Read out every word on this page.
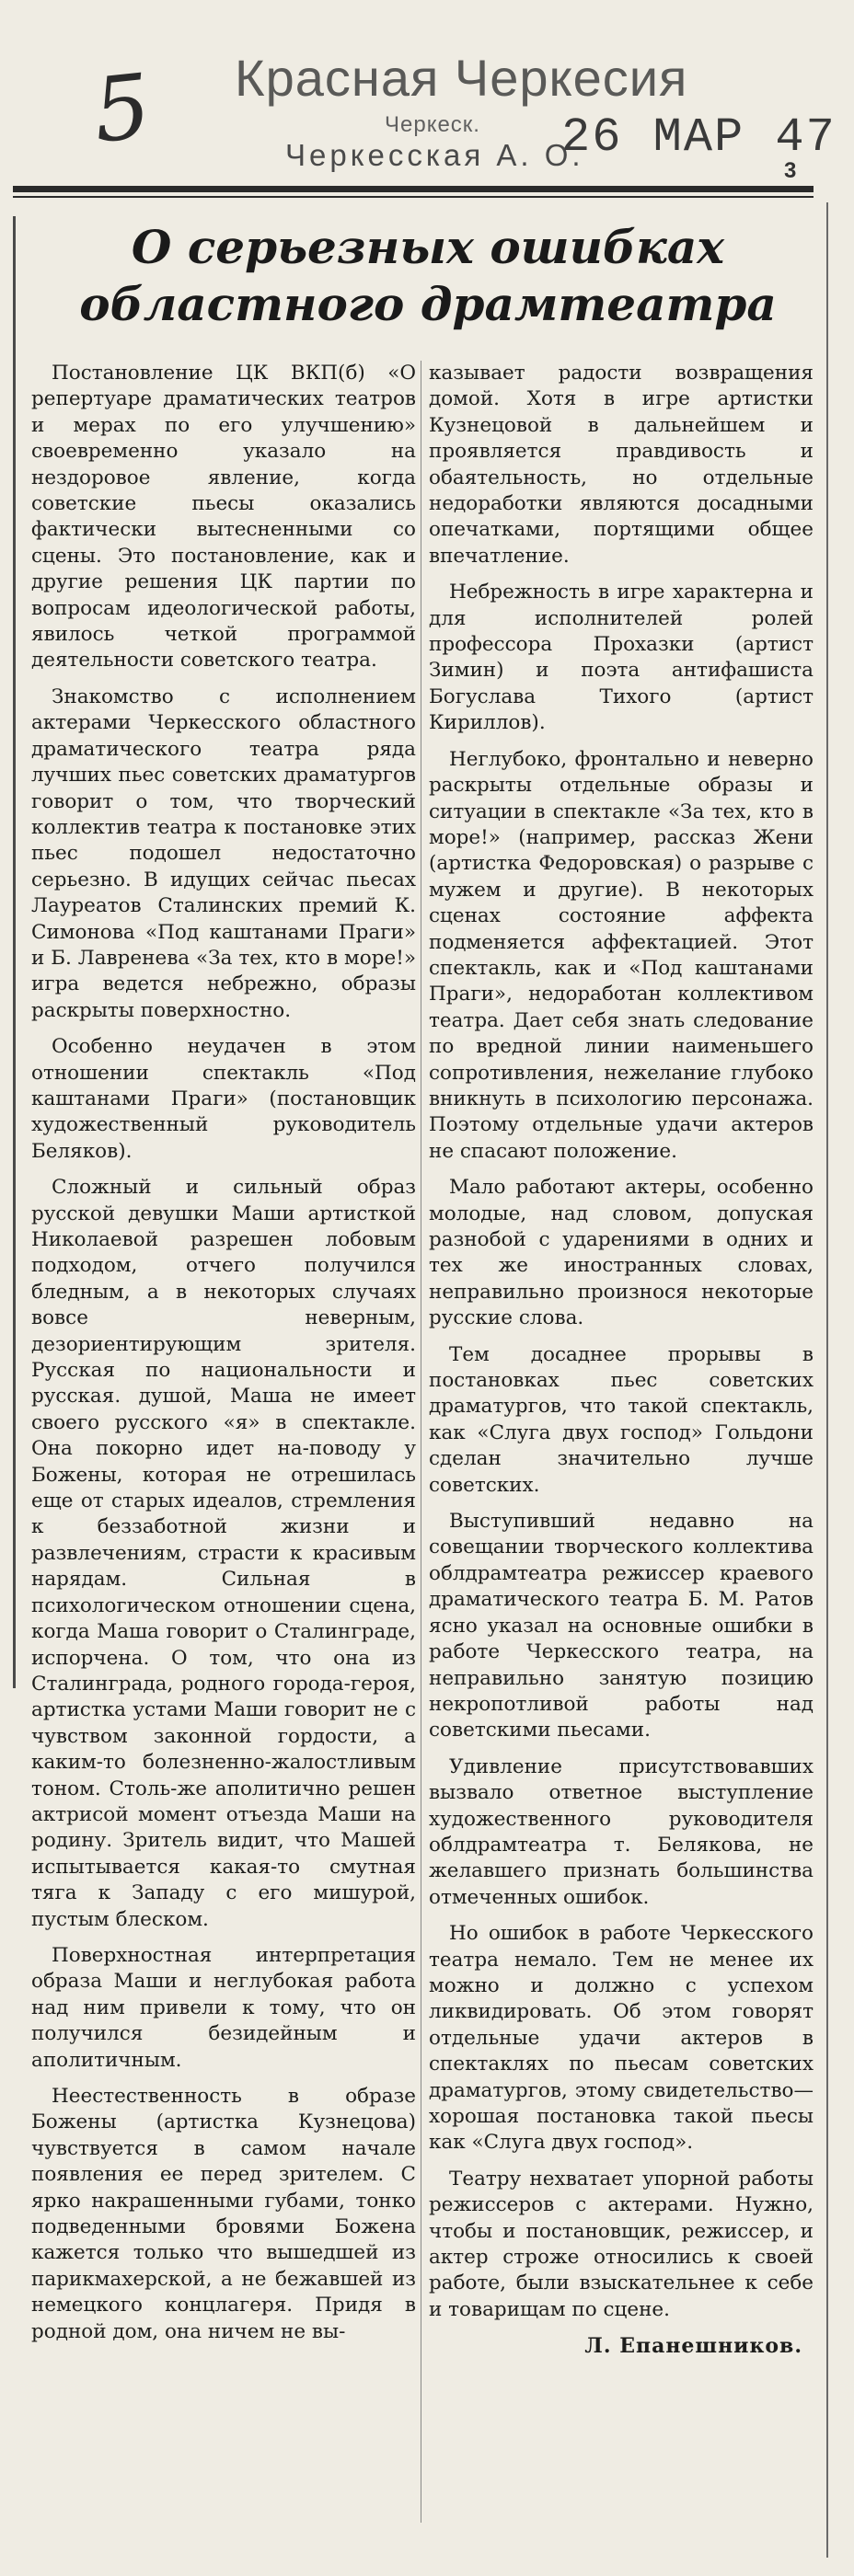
5 Красная Черкесия
Черкеск.
Черкесская А. О.
26 МАР 47
3
О серьезных ошибках
областного драмтеатра

Постановление ЦК ВКП(б) «О репертуаре драматических театров и мерах по его улучшению» своевременно указало на нездоровое явление, когда советские пьесы оказались фактически вытесненными со сцены. Это постановление, как и другие решения ЦК партии по вопросам идеологической работы, явилось четкой программой деятельности советского театра.

Знакомство с исполнением актерами Черкесского областного драматического театра ряда лучших пьес советских драматургов говорит о том, что творческий коллектив театра к постановке этих пьес подошел недостаточно серьезно. В идущих сейчас пьесах Лауреатов Сталинских премий К. Симонова «Под каштанами Праги» и Б. Лавренева «За тех, кто в море!» игра ведется небрежно, образы раскрыты поверхностно.

Особенно неудачен в этом отношении спектакль «Под каштанами Праги» (постановщик художественный руководитель Беляков).

Сложный и сильный образ русской девушки Маши артисткой Николаевой разрешен лобовым подходом, отчего получился бледным, а в некоторых случаях вовсе неверным, дезориентирующим зрителя. Русская по национальности и русская. душой, Маша не имеет своего русского «я» в спектакле. Она покорно идет на-поводу у Божены, которая не отрешилась еще от старых идеалов, стремления к беззаботной жизни и развлечениям, страсти к красивым нарядам. Сильная в психологическом отношении сцена, когда Маша говорит о Сталинграде, испорчена. О том, что она из Сталинграда, родного города-героя, артистка устами Маши говорит не с чувством законной гордости, а каким-то болезненно-жалостливым тоном. Столь-же аполитично решен актрисой момент отъезда Маши на родину. Зритель видит, что Машей испытывается какая-то смутная тяга к Западу с его мишурой, пустым блеском.

Поверхностная интерпретация образа Маши и неглубокая работа над ним привели к тому, что он получился безидейным и аполитичным.

Неестественность в образе Божены (артистка Кузнецова) чувствуется в самом начале появления ее перед зрителем. С ярко накрашенными губами, тонко подведенными бровями Божена кажется только что вышедшей из парикмахерской, а не бежавшей из немецкого концлагеря. Придя в родной дом, она ничем не вы-

казывает радости возвращения домой. Хотя в игре артистки Кузнецовой в дальнейшем и проявляется правдивость и обаятельность, но отдельные недоработки являются досадными опечатками, портящими общее впечатление.

Небрежность в игре характерна и для исполнителей ролей профессора Прохазки (артист Зимин) и поэта антифашиста Богуслава Тихого (артист Кириллов).

Неглубоко, фронтально и неверно раскрыты отдельные образы и ситуации в спектакле «За тех, кто в море!» (например, рассказ Жени (артистка Федоровская) о разрыве с мужем и другие). В некоторых сценах состояние аффекта подменяется аффектацией. Этот спектакль, как и «Под каштанами Праги», недоработан коллективом театра. Дает себя знать следование по вредной линии наименьшего сопротивления, нежелание глубоко вникнуть в психологию персонажа. Поэтому отдельные удачи актеров не спасают положение.

Мало работают актеры, особенно молодые, над словом, допуская разнобой с ударениями в одних и тех же иностранных словах, неправильно произнося некоторые русские слова.

Тем досаднее прорывы в постановках пьес советских драматургов, что такой спектакль, как «Слуга двух господ» Гольдони сделан значительно лучше советских.

Выступивший недавно на совещании творческого коллектива облдрамтеатра режиссер краевого драматического театра Б. М. Ратов ясно указал на основные ошибки в работе Черкесского театра, на неправильно занятую позицию некропотливой работы над советскими пьесами.

Удивление присутствовавших вызвало ответное выступление художественного руководителя облдрамтеатра т. Белякова, не желавшего признать большинства отмеченных ошибок.

Но ошибок в работе Черкесского театра немало. Тем не менее их можно и должно с успехом ликвидировать. Об этом говорят отдельные удачи актеров в спектаклях по пьесам советских драматургов, этому свидетельство—хорошая постановка такой пьесы как «Слуга двух господ».

Театру нехватает упорной работы режиссеров с актерами. Нужно, чтобы и постановщик, режиссер, и актер строже относились к своей работе, были взыскательнее к себе и товарищам по сцене.

Л. Епанешников.
